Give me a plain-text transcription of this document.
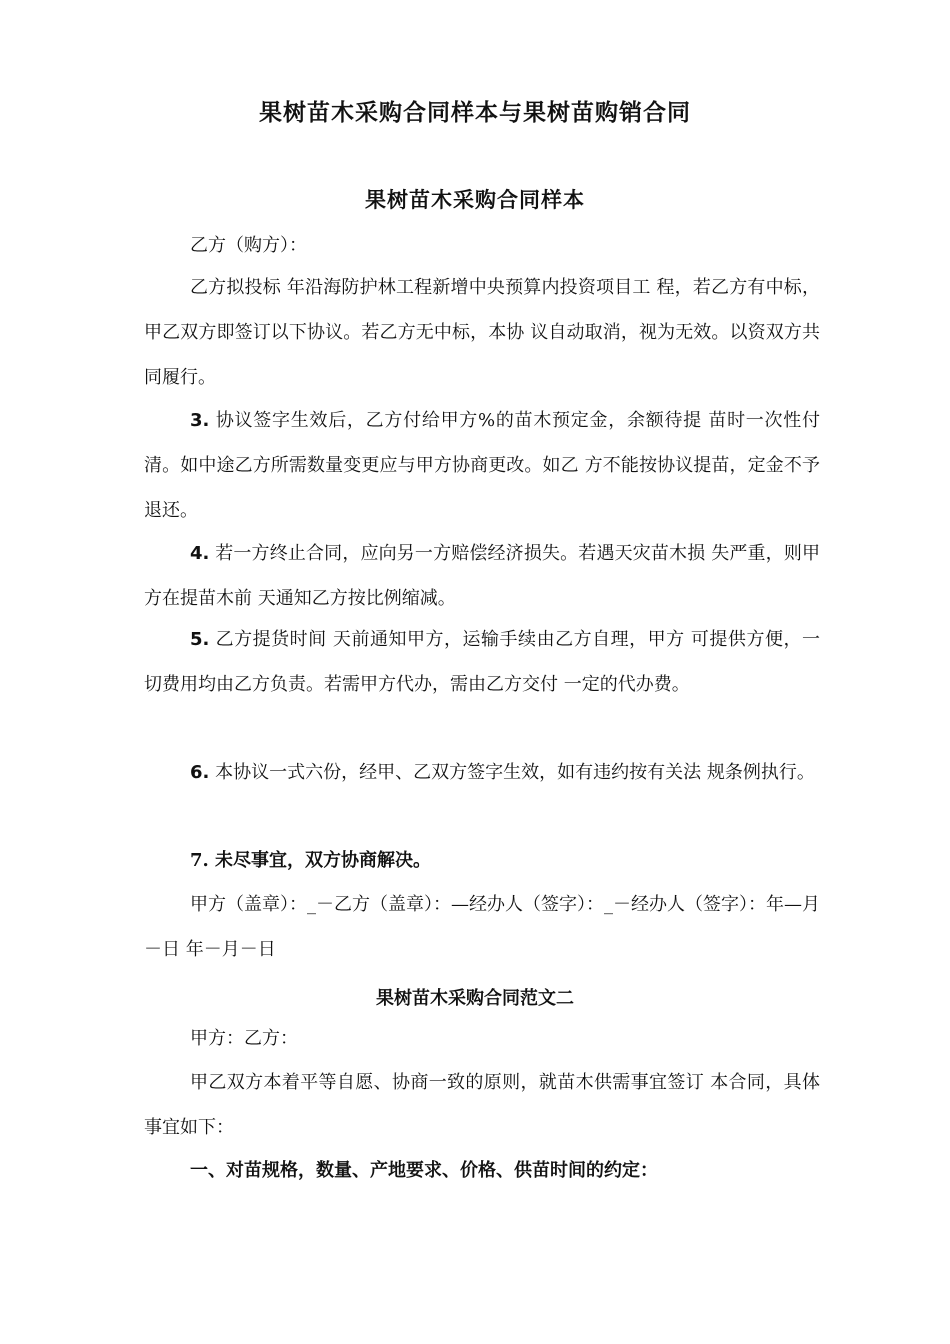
果树苗木采购合同样本与果树苗购销合同
果树苗木采购合同样本

乙方（购方）：

乙方拟投标 年沿海防护林工程新增中央预算内投资项目工 程，若乙方有中标，甲乙双方即签订以下协议。若乙方无中标，本协 议自动取消，视为无效。以资双方共同履行。

3. 协议签字生效后，乙方付给甲方%的苗木预定金，余额待提 苗时一次性付清。如中途乙方所需数量变更应与甲方协商更改。如乙 方不能按协议提苗，定金不予退还。

4. 若一方终止合同，应向另一方赔偿经济损失。若遇天灾苗木损 失严重，则甲方在提苗木前 天通知乙方按比例缩减。

5. 乙方提货时间 天前通知甲方，运输手续由乙方自理，甲方 可提供方便，一切费用均由乙方负责。若需甲方代办，需由乙方交付 一定的代办费。

6. 本协议一式六份，经甲、乙双方签字生效，如有违约按有关法 规条例执行。

7. 未尽事宜，双方协商解决。

甲方（盖章）：_－乙方（盖章）：—经办人（签字）：_－经办人（签字）：年—月－日 年－月－日

果树苗木采购合同范文二

甲方：乙方：

甲乙双方本着平等自愿、协商一致的原则，就苗木供需事宜签订 本合同，具体事宜如下：

一、对苗规格，数量、产地要求、价格、供苗时间的约定：
